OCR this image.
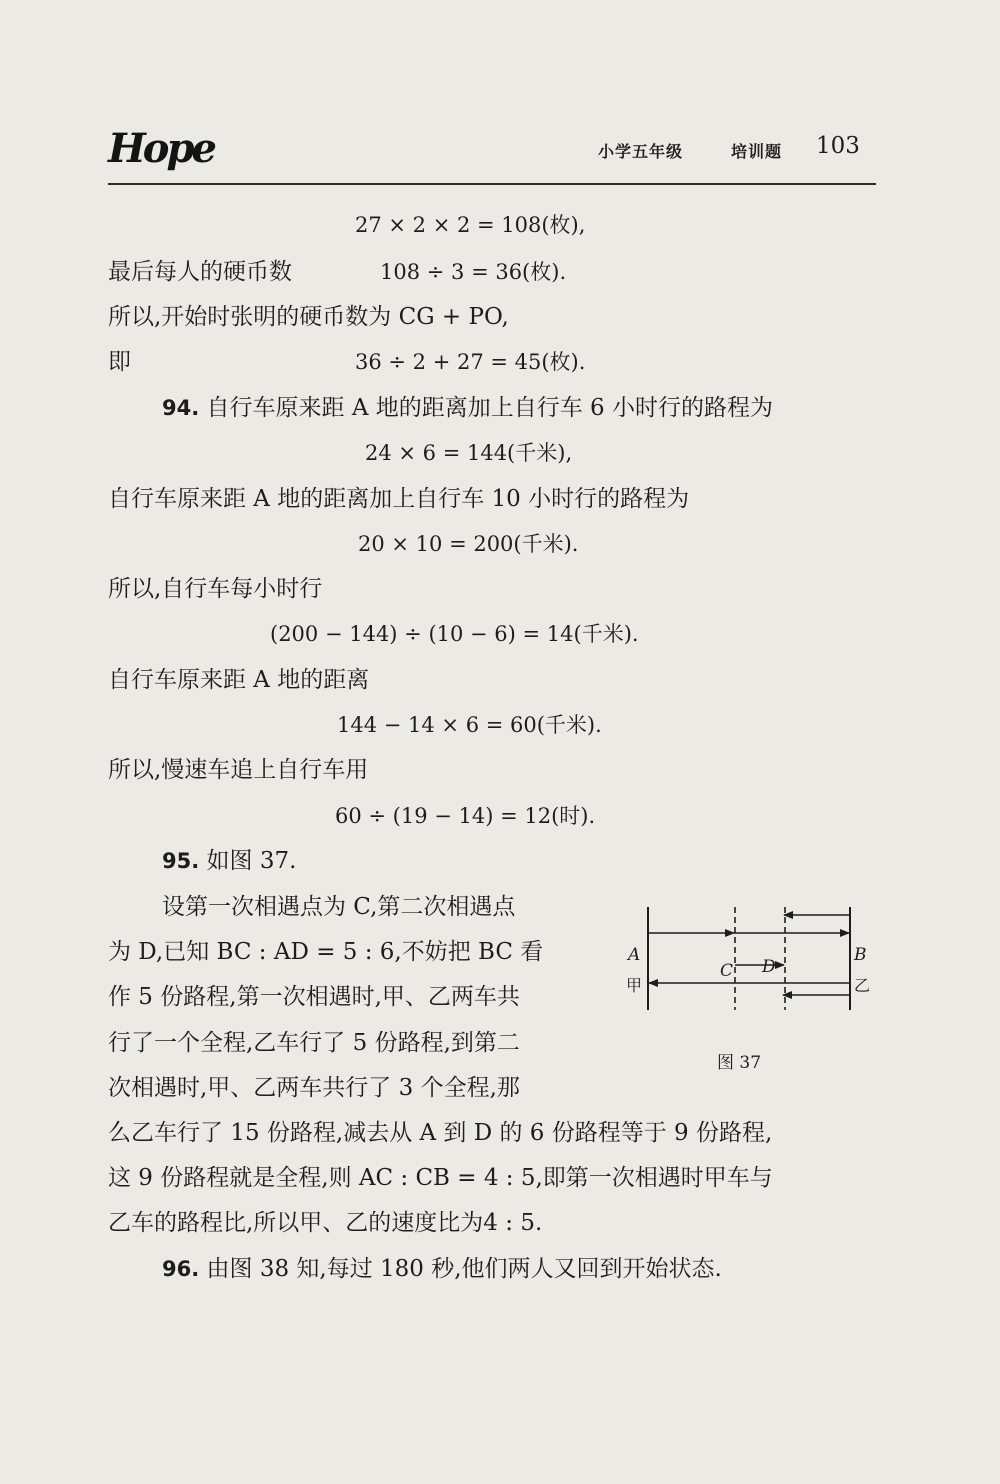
Hope	小学五年级	培训题 103
27 × 2 × 2 = 108(枚),
最后每人的硬币数	108 ÷ 3 = 36(枚).
所以,开始时张明的硬币数为 CG + PO,
即	36 ÷ 2 + 27 = 45(枚).
94. 自行车原来距 A 地的距离加上自行车 6 小时行的路程为
24 × 6 = 144(千米),
自行车原来距 A 地的距离加上自行车 10 小时行的路程为
20 × 10 = 200(千米).
所以,自行车每小时行
(200 − 144) ÷ (10 − 6) = 14(千米).
自行车原来距 A 地的距离
144 − 14 × 6 = 60(千米).
所以,慢速车追上自行车用
60 ÷ (19 − 14) = 12(时).
95. 如图 37.
设第一次相遇点为 C,第二次相遇点
为 D,已知 BC : AD = 5 : 6,不妨把 BC 看
作 5 份路程,第一次相遇时,甲、乙两车共
行了一个全程,乙车行了 5 份路程,到第二
次相遇时,甲、乙两车共行了 3 个全程,那
么乙车行了 15 份路程,减去从 A 到 D 的 6 份路程等于 9 份路程,
这 9 份路程就是全程,则 AC : CB = 4 : 5,即第一次相遇时甲车与
乙车的路程比,所以甲、乙的速度比为4 : 5.
96. 由图 38 知,每过 180 秒,他们两人又回到开始状态.
A	B
C D
甲	乙
图 37
